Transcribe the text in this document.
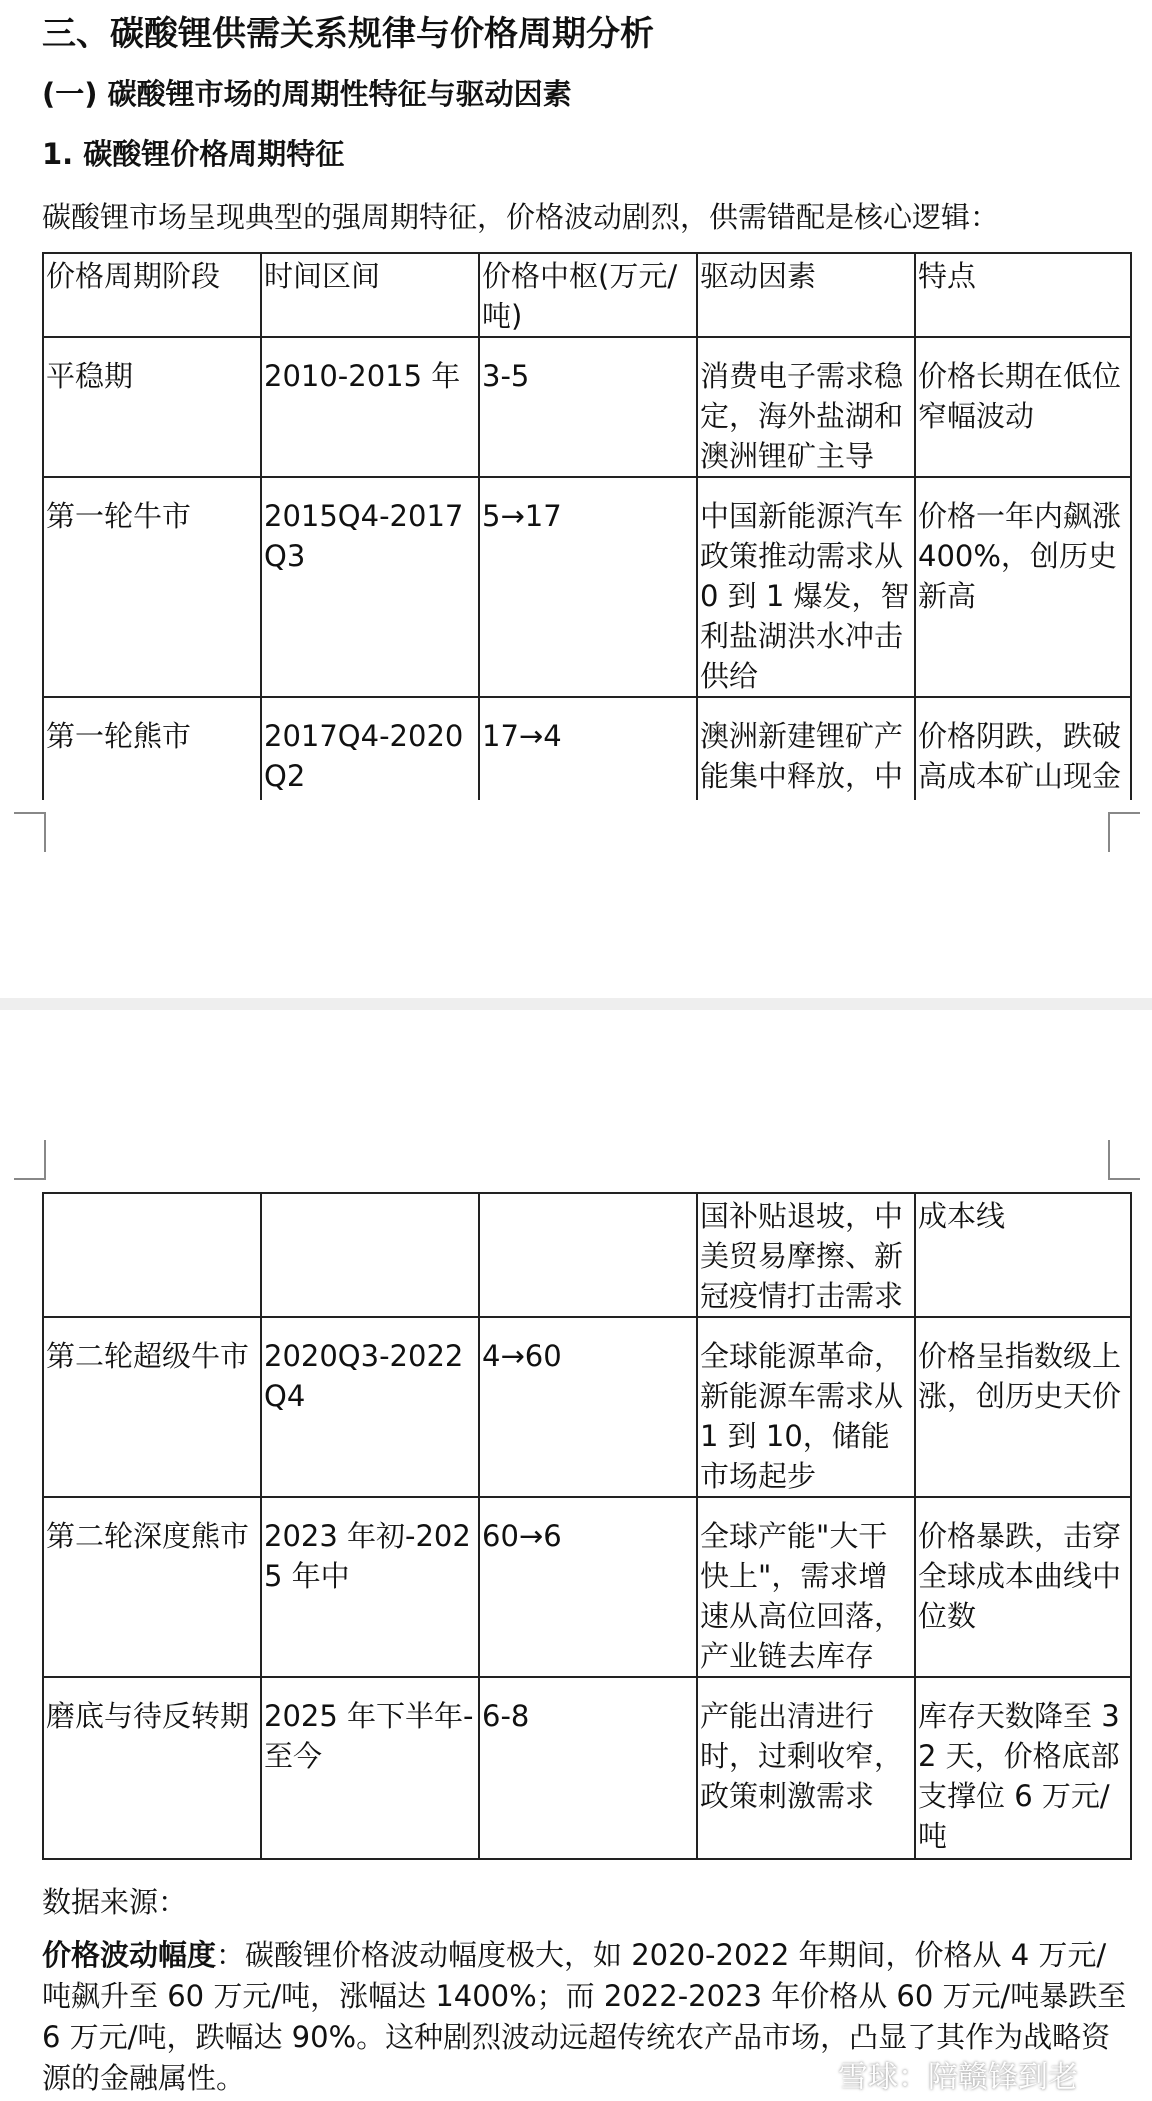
三、碳酸锂供需关系规律与价格周期分析
(一) 碳酸锂市场的周期性特征与驱动因素
1. 碳酸锂价格周期特征

碳酸锂市场呈现典型的强周期特征，价格波动剧烈，供需错配是核心逻辑：

价格周期阶段	时间区间	价格中枢(万元/吨)	驱动因素	特点
平稳期	2010-2015 年	3-5	消费电子需求稳定，海外盐湖和澳洲锂矿主导	价格长期在低位窄幅波动
第一轮牛市	2015Q4-2017Q3	5→17	中国新能源汽车政策推动需求从 0 到 1 爆发，智利盐湖洪水冲击供给	价格一年内飙涨 400%，创历史新高
第一轮熊市	2017Q4-2020Q2	17→4	澳洲新建锂矿产能集中释放，中	价格阴跌，跌破高成本矿山现金
			国补贴退坡，中美贸易摩擦、新冠疫情打击需求	成本线
第二轮超级牛市	2020Q3-2022Q4	4→60	全球能源革命，新能源车需求从 1 到 10，储能市场起步	价格呈指数级上涨，创历史天价
第二轮深度熊市	2023 年初-2025 年中	60→6	全球产能"大干快上"，需求增速从高位回落，产业链去库存	价格暴跌，击穿全球成本曲线中位数
磨底与待反转期	2025 年下半年-至今	6-8	产能出清进行时，过剩收窄，政策刺激需求	库存天数降至 32 天，价格底部支撑位 6 万元/吨

数据来源：

价格波动幅度：碳酸锂价格波动幅度极大，如 2020-2022 年期间，价格从 4 万元/吨飙升至 60 万元/吨，涨幅达 1400%；而 2022-2023 年价格从 60 万元/吨暴跌至 6 万元/吨，跌幅达 90%。这种剧烈波动远超传统农产品市场，凸显了其作为战略资源的金融属性。	雪球：陪赣锋到老
